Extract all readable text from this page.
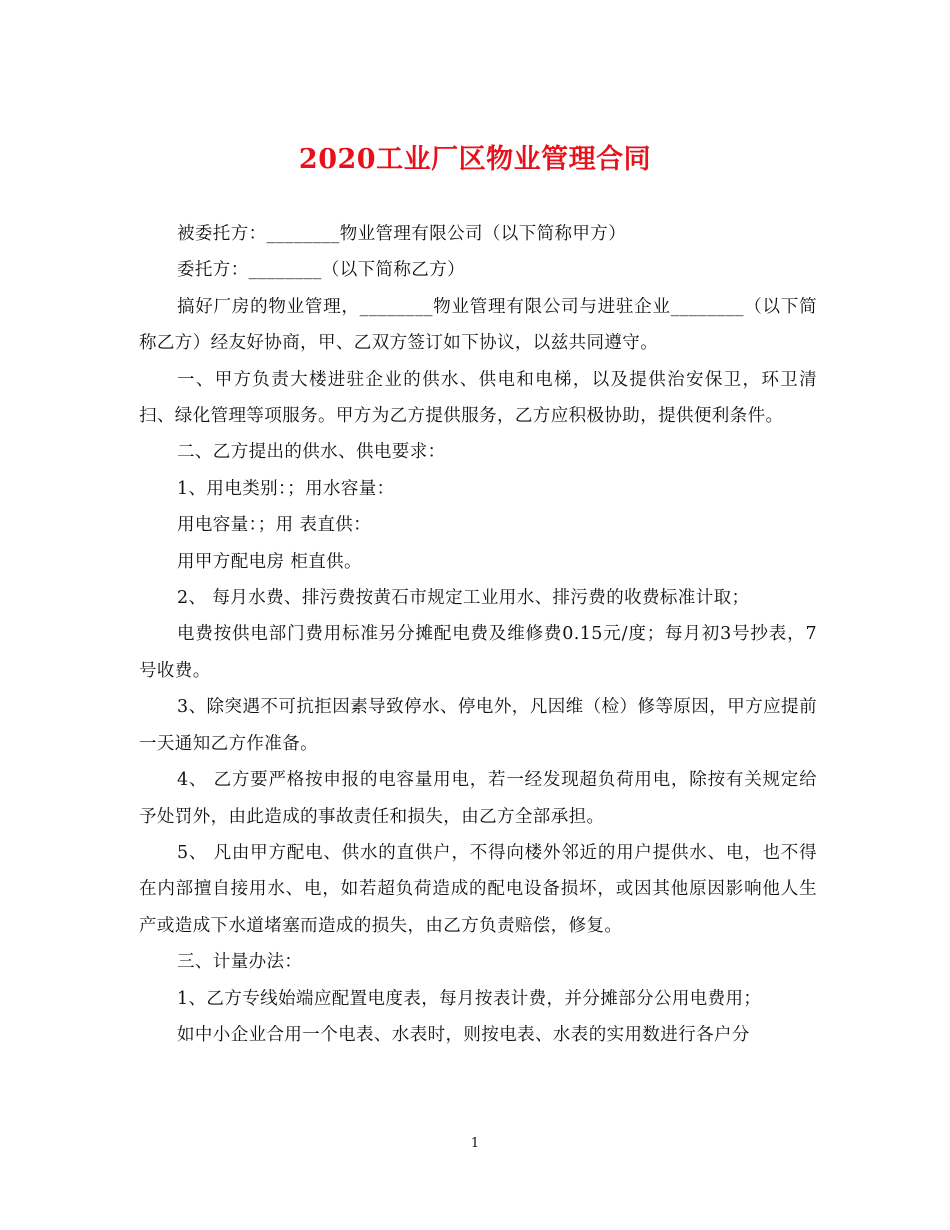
2020工业厂区物业管理合同

被委托方：________物业管理有限公司（以下简称甲方）

委托方：________（以下简称乙方）

搞好厂房的物业管理，________物业管理有限公司与进驻企业________（以下简称乙方）经友好协商，甲、乙双方签订如下协议，以兹共同遵守。

一、甲方负责大楼进驻企业的供水、供电和电梯，以及提供治安保卫，环卫清扫、绿化管理等项服务。甲方为乙方提供服务，乙方应积极协助，提供便利条件。

二、乙方提出的供水、供电要求：

1、用电类别：；用水容量：

用电容量：；用 表直供：

用甲方配电房 柜直供。

2、 每月水费、排污费按黄石市规定工业用水、排污费的收费标准计取；

电费按供电部门费用标准另分摊配电费及维修费0.15元/度；每月初3号抄表，7号收费。

3、除突遇不可抗拒因素导致停水、停电外，凡因维（检）修等原因，甲方应提前一天通知乙方作准备。

4、 乙方要严格按申报的电容量用电，若一经发现超负荷用电，除按有关规定给予处罚外，由此造成的事故责任和损失，由乙方全部承担。

5、 凡由甲方配电、供水的直供户，不得向楼外邻近的用户提供水、电，也不得在内部擅自接用水、电，如若超负荷造成的配电设备损坏，或因其他原因影响他人生产或造成下水道堵塞而造成的损失，由乙方负责赔偿，修复。

三、计量办法：

1、乙方专线始端应配置电度表，每月按表计费，并分摊部分公用电费用；

如中小企业合用一个电表、水表时，则按电表、水表的实用数进行各户分

1
